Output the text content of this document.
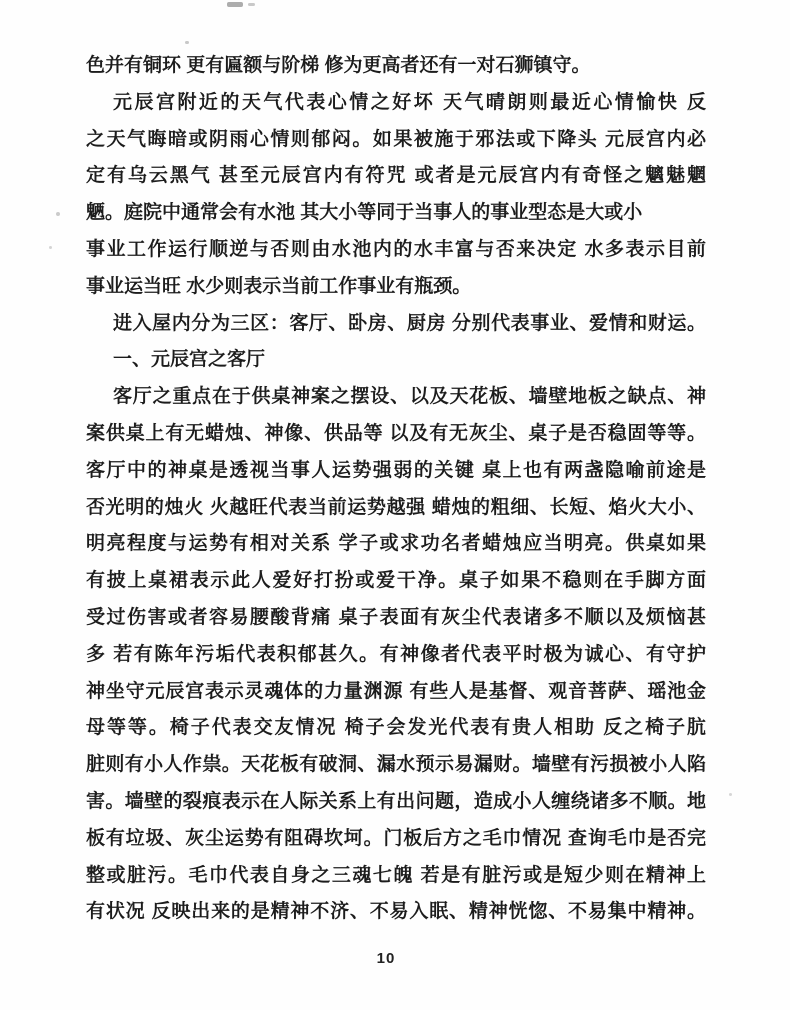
色并有铜环 更有匾额与阶梯 修为更高者还有一对石狮镇守。
元辰宫附近的天气代表心情之好坏 天气晴朗则最近心情愉快 反
之天气晦暗或阴雨心情则郁闷。如果被施于邪法或下降头 元辰宫内必
定有乌云黑气 甚至元辰宫内有符咒 或者是元辰宫内有奇怪之魑魅魍
魉。庭院中通常会有水池 其大小等同于当事人的事业型态是大或小
事业工作运行顺逆与否则由水池内的水丰富与否来决定 水多表示目前
事业运当旺 水少则表示当前工作事业有瓶颈。
进入屋内分为三区：客厅、卧房、厨房 分别代表事业、爱情和财运。
一、元辰宫之客厅
客厅之重点在于供桌神案之摆设、以及天花板、墙壁地板之缺点、神
案供桌上有无蜡烛、神像、供品等 以及有无灰尘、桌子是否稳固等等。
客厅中的神桌是透视当事人运势强弱的关键 桌上也有两盏隐喻前途是
否光明的烛火 火越旺代表当前运势越强 蜡烛的粗细、长短、焰火大小、
明亮程度与运势有相对关系 学子或求功名者蜡烛应当明亮。供桌如果
有披上桌裙表示此人爱好打扮或爱干净。桌子如果不稳则在手脚方面
受过伤害或者容易腰酸背痛 桌子表面有灰尘代表诸多不顺以及烦恼甚
多 若有陈年污垢代表积郁甚久。有神像者代表平时极为诚心、有守护
神坐守元辰宫表示灵魂体的力量渊源 有些人是基督、观音菩萨、瑶池金
母等等。椅子代表交友情况 椅子会发光代表有贵人相助 反之椅子肮
脏则有小人作祟。天花板有破洞、漏水预示易漏财。墙壁有污损被小人陷
害。墙壁的裂痕表示在人际关系上有出问题，造成小人缠绕诸多不顺。地
板有垃圾、灰尘运势有阻碍坎坷。门板后方之毛巾情况 查询毛巾是否完
整或脏污。毛巾代表自身之三魂七魄 若是有脏污或是短少则在精神上
有状况 反映出来的是精神不济、不易入眠、精神恍惚、不易集中精神。
10
